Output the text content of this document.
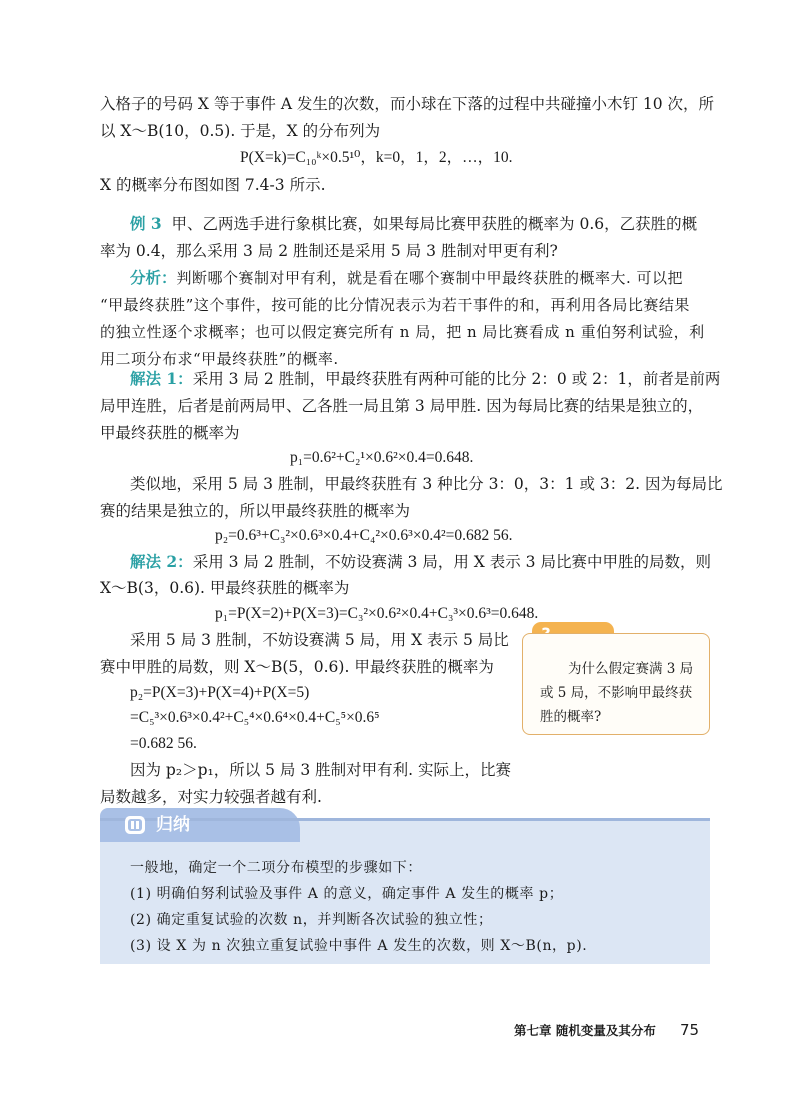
入格子的号码 X 等于事件 A 发生的次数，而小球在下落的过程中共碰撞小木钉 10 次，所
以 X～B(10，0.5). 于是，X 的分布列为
P(X=k)=C₁₀ᵏ×0.5¹⁰，k=0，1，2，…，10.
X 的概率分布图如图 7.4-3 所示.
例 3 甲、乙两选手进行象棋比赛，如果每局比赛甲获胜的概率为 0.6，乙获胜的概
率为 0.4，那么采用 3 局 2 胜制还是采用 5 局 3 胜制对甲更有利?
分析：判断哪个赛制对甲有利，就是看在哪个赛制中甲最终获胜的概率大. 可以把
“甲最终获胜”这个事件，按可能的比分情况表示为若干事件的和，再利用各局比赛结果
的独立性逐个求概率；也可以假定赛完所有 n 局，把 n 局比赛看成 n 重伯努利试验，利
用二项分布求“甲最终获胜”的概率.
解法 1：采用 3 局 2 胜制，甲最终获胜有两种可能的比分 2：0 或 2：1，前者是前两
局甲连胜，后者是前两局甲、乙各胜一局且第 3 局甲胜. 因为每局比赛的结果是独立的，
甲最终获胜的概率为
p₁=0.6²+C₂¹×0.6²×0.4=0.648.
类似地，采用 5 局 3 胜制，甲最终获胜有 3 种比分 3：0，3：1 或 3：2. 因为每局比
赛的结果是独立的，所以甲最终获胜的概率为
p₂=0.6³+C₃²×0.6³×0.4+C₄²×0.6³×0.4²=0.682 56.
解法 2：采用 3 局 2 胜制，不妨设赛满 3 局，用 X 表示 3 局比赛中甲胜的局数，则
X～B(3，0.6). 甲最终获胜的概率为
p₁=P(X=2)+P(X=3)=C₃²×0.6²×0.4+C₃³×0.6³=0.648.
采用 5 局 3 胜制，不妨设赛满 5 局，用 X 表示 5 局比
赛中甲胜的局数，则 X～B(5，0.6). 甲最终获胜的概率为
p₂=P(X=3)+P(X=4)+P(X=5)
=C₅³×0.6³×0.4²+C₅⁴×0.6⁴×0.4+C₅⁵×0.6⁵
=0.682 56.
因为 p₂＞p₁，所以 5 局 3 胜制对甲有利. 实际上，比赛
局数越多，对实力较强者越有利.
为什么假定赛满 3 局
或 5 局，不影响甲最终获
胜的概率?
归纳
一般地，确定一个二项分布模型的步骤如下：
(1) 明确伯努利试验及事件 A 的意义，确定事件 A 发生的概率 p；
(2) 确定重复试验的次数 n，并判断各次试验的独立性；
(3) 设 X 为 n 次独立重复试验中事件 A 发生的次数，则 X～B(n，p).
第七章 随机变量及其分布 75
